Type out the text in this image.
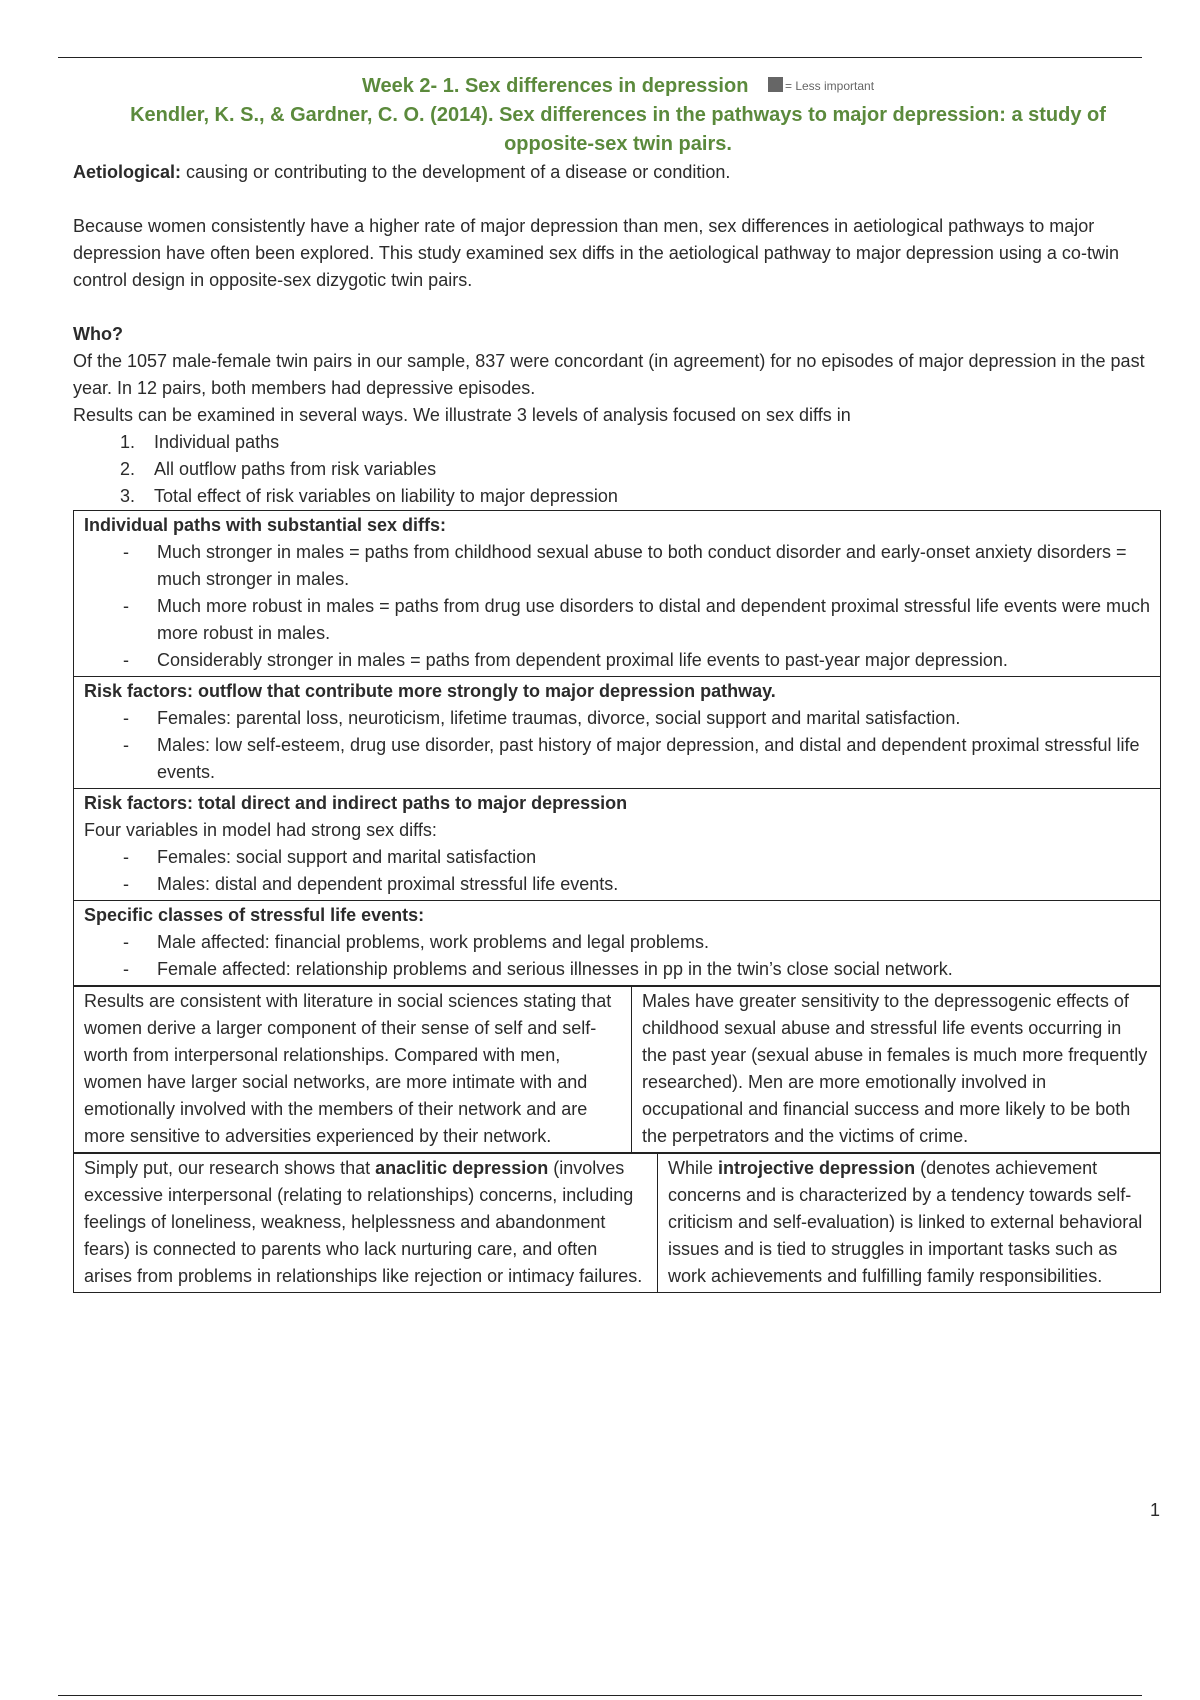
Week 2- 1. Sex differences in depression	= Less important
Kendler, K. S., & Gardner, C. O. (2014). Sex differences in the pathways to major depression: a study of opposite-sex twin pairs.

Aetiological: causing or contributing to the development of a disease or condition.

Because women consistently have a higher rate of major depression than men, sex differences in aetiological pathways to major depression have often been explored. This study examined sex diffs in the aetiological pathway to major depression using a co-twin control design in opposite-sex dizygotic twin pairs.

Who?

Of the 1057 male-female twin pairs in our sample, 837 were concordant (in agreement) for no episodes of major depression in the past year. In 12 pairs, both members had depressive episodes.

Results can be examined in several ways. We illustrate 3 levels of analysis focused on sex diffs in

1. Individual paths
2. All outflow paths from risk variables
3. Total effect of risk variables on liability to major depression
Individual paths with substantial sex diffs:
- Much stronger in males = paths from childhood sexual abuse to both conduct disorder and early-onset anxiety disorders = much stronger in males.
- Much more robust in males = paths from drug use disorders to distal and dependent proximal stressful life events were much more robust in males.
- Considerably stronger in males = paths from dependent proximal life events to past-year major depression.

Risk factors: outflow that contribute more strongly to major depression pathway.
- Females: parental loss, neuroticism, lifetime traumas, divorce, social support and marital satisfaction.
- Males: low self-esteem, drug use disorder, past history of major depression, and distal and dependent proximal stressful life events.

Risk factors: total direct and indirect paths to major depression
Four variables in model had strong sex diffs:
- Females: social support and marital satisfaction
- Males: distal and dependent proximal stressful life events.

Specific classes of stressful life events:
- Male affected: financial problems, work problems and legal problems.
- Female affected: relationship problems and serious illnesses in pp in the twin’s close social network.
Results are consistent with literature in social sciences stating that women derive a larger component of their sense of self and self-worth from interpersonal relationships. Compared with men, women have larger social networks, are more intimate with and emotionally involved with the members of their network and are more sensitive to adversities experienced by their network.	Males have greater sensitivity to the depressogenic effects of childhood sexual abuse and stressful life events occurring in the past year (sexual abuse in females is much more frequently researched). Men are more emotionally involved in occupational and financial success and more likely to be both the perpetrators and the victims of crime.
Simply put, our research shows that anaclitic depression (involves excessive interpersonal (relating to relationships) concerns, including feelings of loneliness, weakness, helplessness and abandonment fears) is connected to parents who lack nurturing care, and often arises from problems in relationships like rejection or intimacy failures.	While introjective depression (denotes achievement concerns and is characterized by a tendency towards self-criticism and self-evaluation) is linked to external behavioral issues and is tied to struggles in important tasks such as work achievements and fulfilling family responsibilities.
1
